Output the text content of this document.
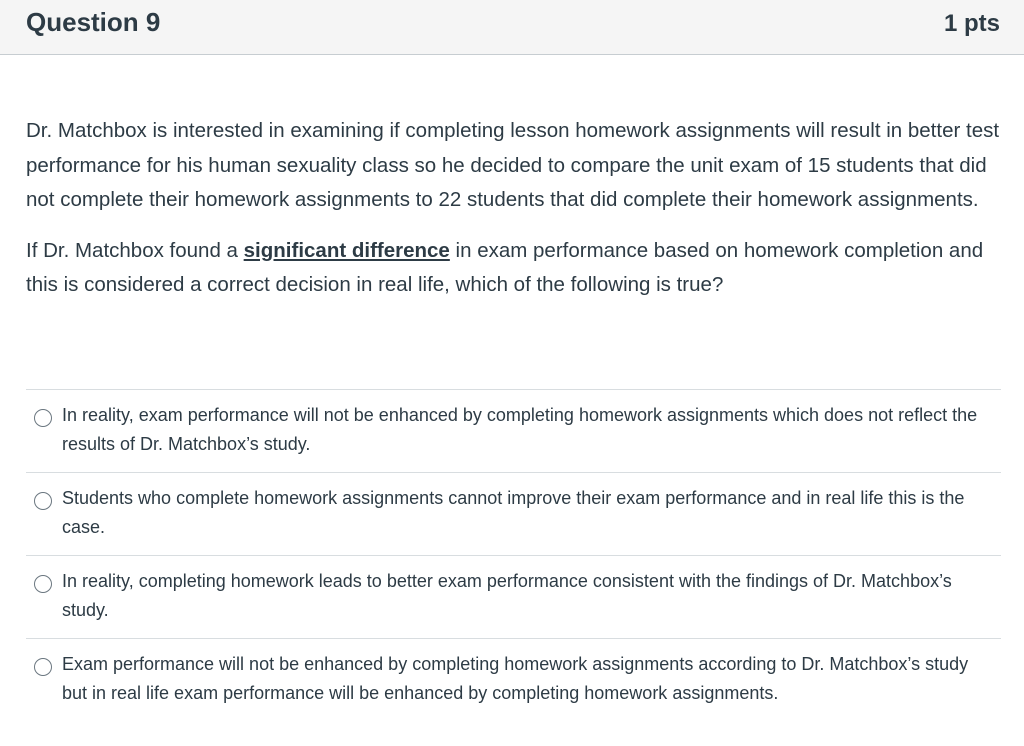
Question 9	1 pts

Dr. Matchbox is interested in examining if completing lesson homework assignments will result in better test performance for his human sexuality class so he decided to compare the unit exam of 15 students that did not complete their homework assignments to 22 students that did complete their homework assignments.

If Dr. Matchbox found a significant difference in exam performance based on homework completion and this is considered a correct decision in real life, which of the following is true?

In reality, exam performance will not be enhanced by completing homework assignments which does not reflect the results of Dr. Matchbox’s study.
Students who complete homework assignments cannot improve their exam performance and in real life this is the case.
In reality, completing homework leads to better exam performance consistent with the findings of Dr. Matchbox’s study.
Exam performance will not be enhanced by completing homework assignments according to Dr. Matchbox’s study but in real life exam performance will be enhanced by completing homework assignments.
